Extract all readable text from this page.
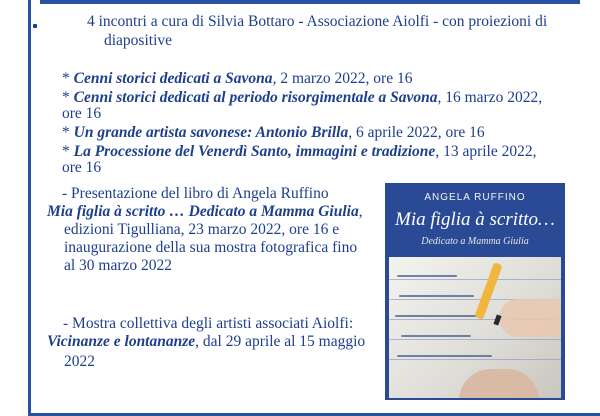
4 incontri a cura di Silvia Bottaro - Associazione Aiolfi - con proiezioni di
diapositive
* Cenni storici dedicati a Savona, 2 marzo 2022, ore 16
* Cenni storici dedicati al periodo risorgimentale a Savona, 16 marzo 2022,
ore 16
* Un grande artista savonese: Antonio Brilla, 6 aprile 2022, ore 16
* La Processione del Venerdì Santo, immagini e tradizione, 13 aprile 2022,
ore 16
- Presentazione del libro di Angela Ruffino
Mia figlia à scritto … Dedicato a Mamma Giulia,
edizioni Tigulliana, 23 marzo 2022, ore 16 e
inaugurazione della sua mostra fotografica fino
al 30 marzo 2022
- Mostra collettiva degli artisti associati Aiolfi:
Vicinanze e lontananze, dal 29 aprile al 15 maggio
2022
ANGELA RUFFINO
Mia figlia à scritto…
Dedicato a Mamma Giulia
